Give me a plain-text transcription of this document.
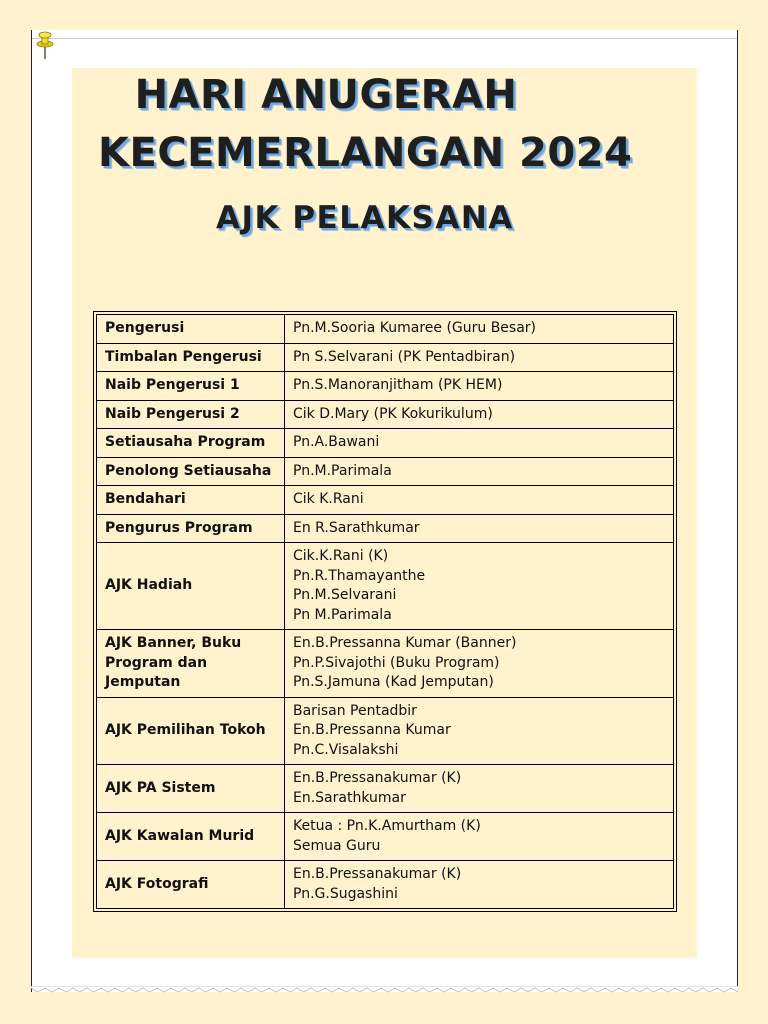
HARI ANUGERAH
KECEMERLANGAN 2024
AJK PELAKSANA
Pengerusi	Pn.M.Sooria Kumaree (Guru Besar)

Timbalan Pengerusi	Pn S.Selvarani (PK Pentadbiran)

Naib Pengerusi 1	Pn.S.Manoranjitham (PK HEM)

Naib Pengerusi 2	Cik D.Mary (PK Kokurikulum)

Setiausaha Program	Pn.A.Bawani

Penolong Setiausaha	Pn.M.Parimala

Bendahari	Cik K.Rani

Pengurus Program	En R.Sarathkumar

AJK Hadiah	Cik.K.Rani (K)
Pn.R.Thamayanthe
Pn.M.Selvarani
Pn M.Parimala

AJK Banner, Buku Program dan Jemputan	En.B.Pressanna Kumar (Banner)
Pn.P.Sivajothi (Buku Program)
Pn.S.Jamuna (Kad Jemputan)

AJK Pemilihan Tokoh	Barisan Pentadbir
En.B.Pressanna Kumar
Pn.C.Visalakshi

AJK PA Sistem	En.B.Pressanakumar (K)
En.Sarathkumar

AJK Kawalan Murid	Ketua : Pn.K.Amurtham (K)
Semua Guru

AJK Fotografi	En.B.Pressanakumar (K)
Pn.G.Sugashini
